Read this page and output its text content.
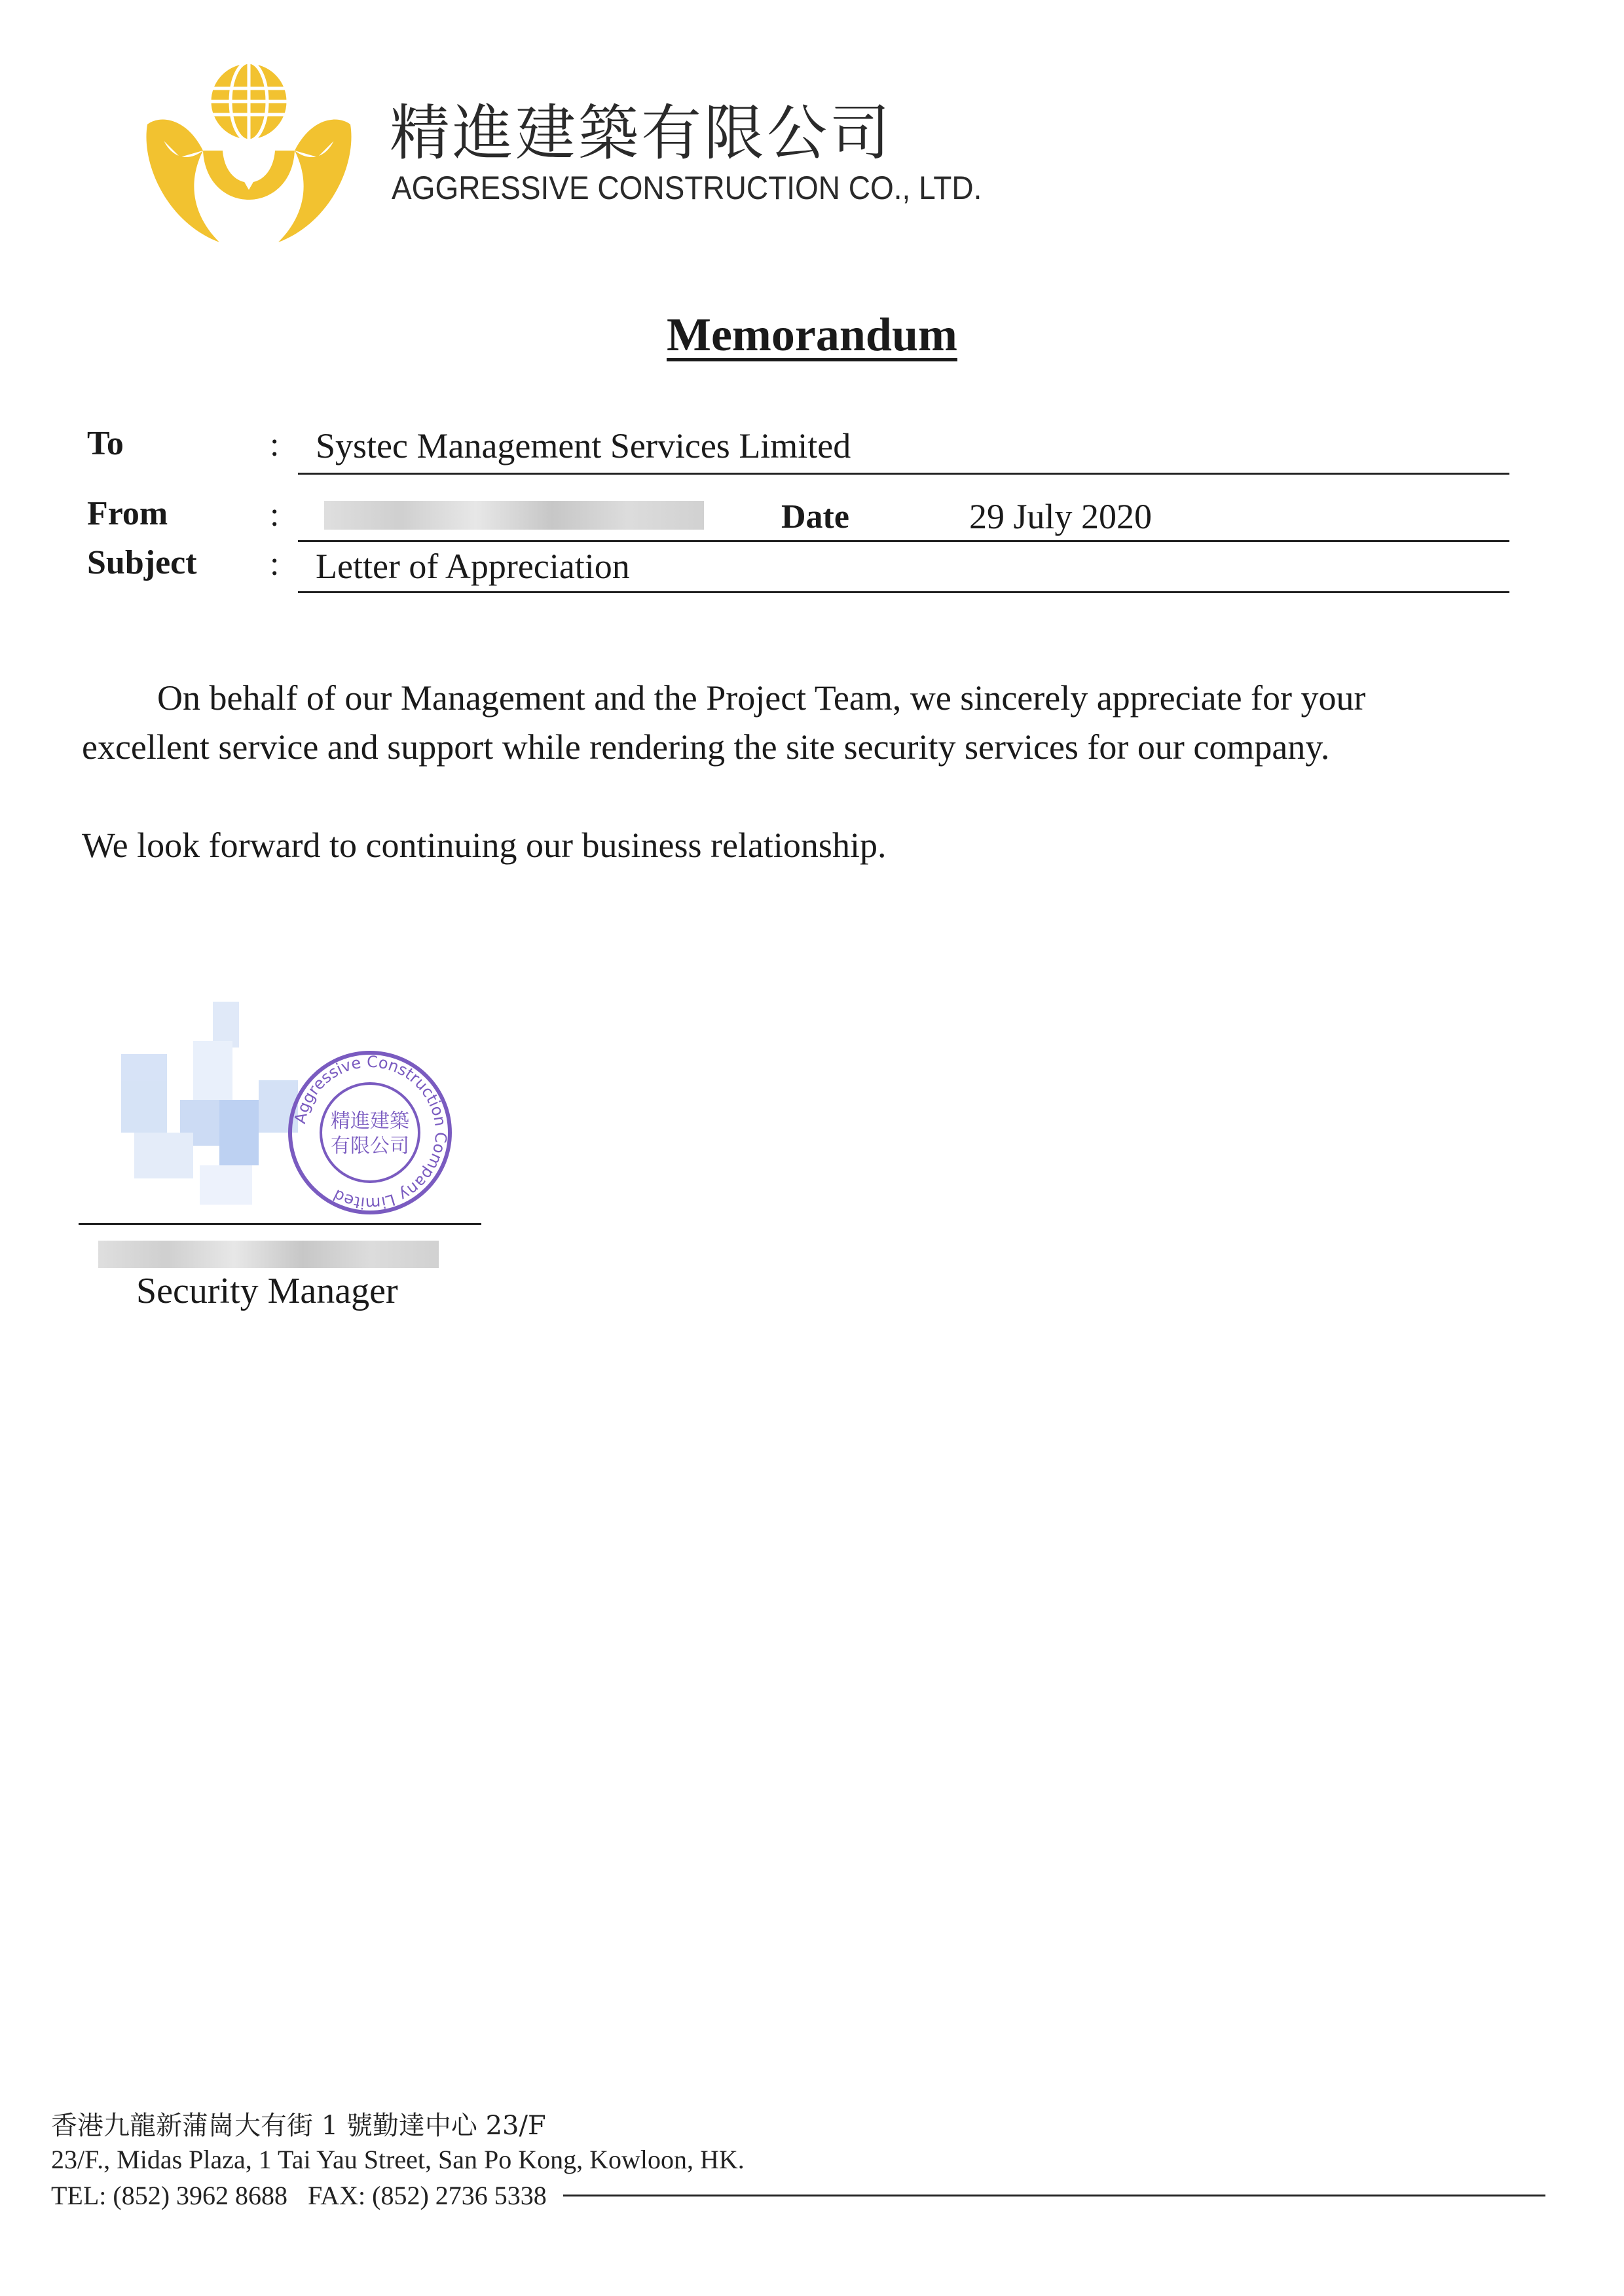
精進建築有限公司
AGGRESSIVE CONSTRUCTION CO., LTD.
Memorandum
To	: Systec Management Services Limited
From	:	Date	29 July 2020
Subject : Letter of Appreciation
On behalf of our Management and the Project Team, we sincerely appreciate for your
excellent service and support while rendering the site security services for our company.
We look forward to continuing our business relationship.
Aggressive Construction Company Limited
精進建築
有限公司
Security Manager
香港九龍新蒲崗大有街 1 號勤達中心 23/F
23/F., Midas Plaza, 1 Tai Yau Street, San Po Kong, Kowloon, HK.
TEL: (852) 3962 8688 FAX: (852) 2736 5338
